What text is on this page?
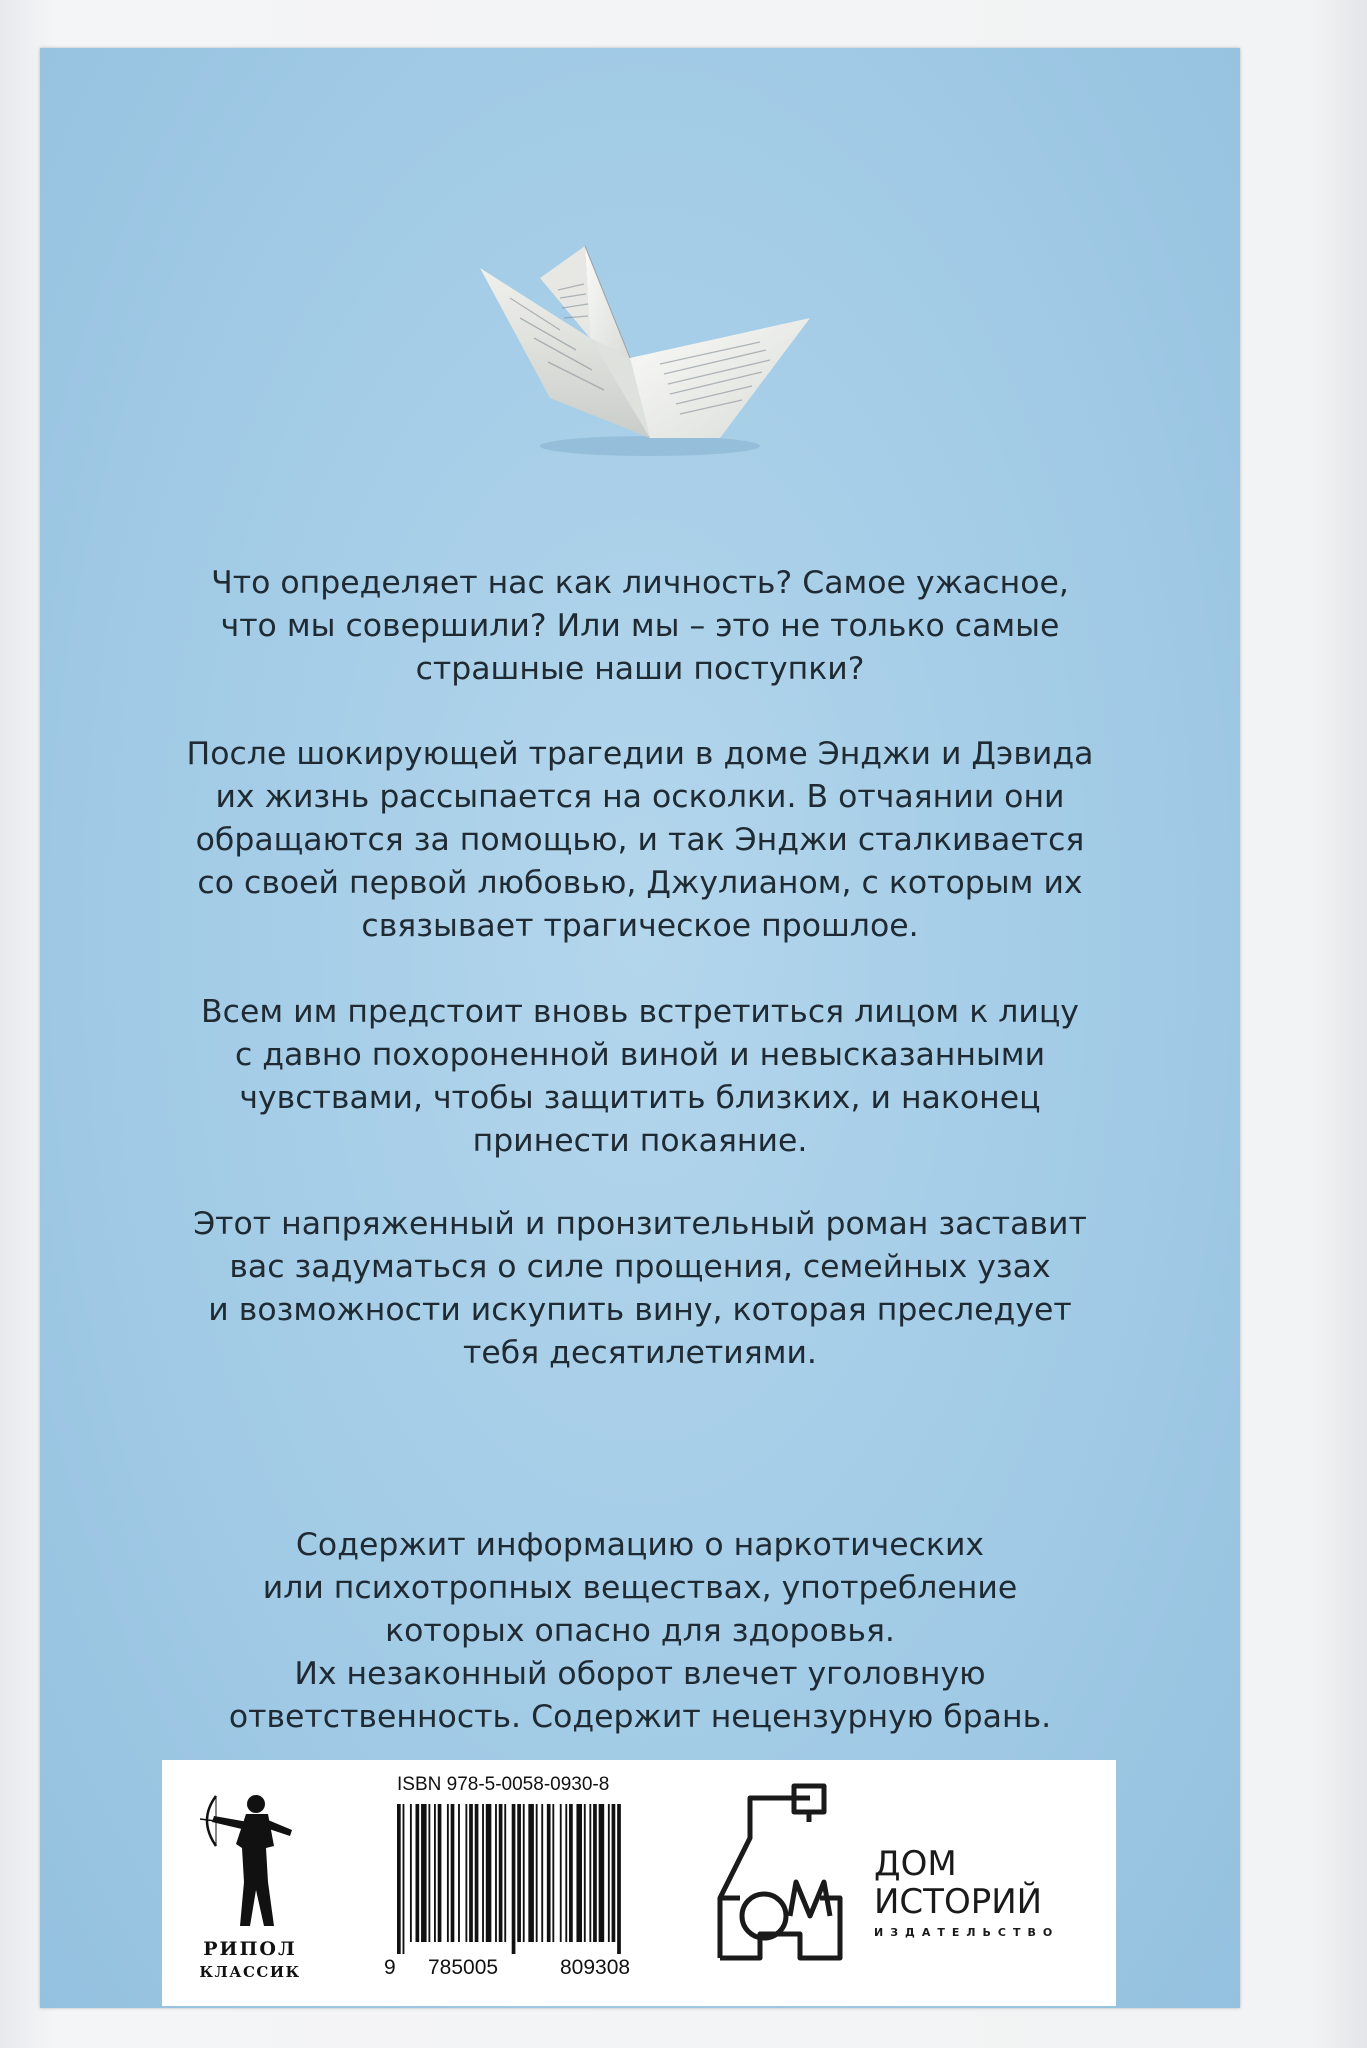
Что определяет нас как личность? Самое ужасное,
что мы совершили? Или мы – это не только самые
страшные наши поступки?

После шокирующей трагедии в доме Энджи и Дэвида
их жизнь рассыпается на осколки. В отчаянии они
обращаются за помощью, и так Энджи сталкивается
со своей первой любовью, Джулианом, с которым их
связывает трагическое прошлое.

Всем им предстоит вновь встретиться лицом к лицу
с давно похороненной виной и невысказанными
чувствами, чтобы защитить близких, и наконец
принести покаяние.

Этот напряженный и пронзительный роман заставит
вас задуматься о силе прощения, семейных узах
и возможности искупить вину, которая преследует
тебя десятилетиями.

Содержит информацию о наркотических
или психотропных веществах, употребление
которых опасно для здоровья.
Их незаконный оборот влечет уголовную
ответственность. Содержит нецензурную брань.

РИПОЛ

КЛАССИК

ISBN 978-5-0058-0930-8

9 785005	809308

ДОМ

ИСТОРИЙ

ИЗДАТЕЛЬСТВО
